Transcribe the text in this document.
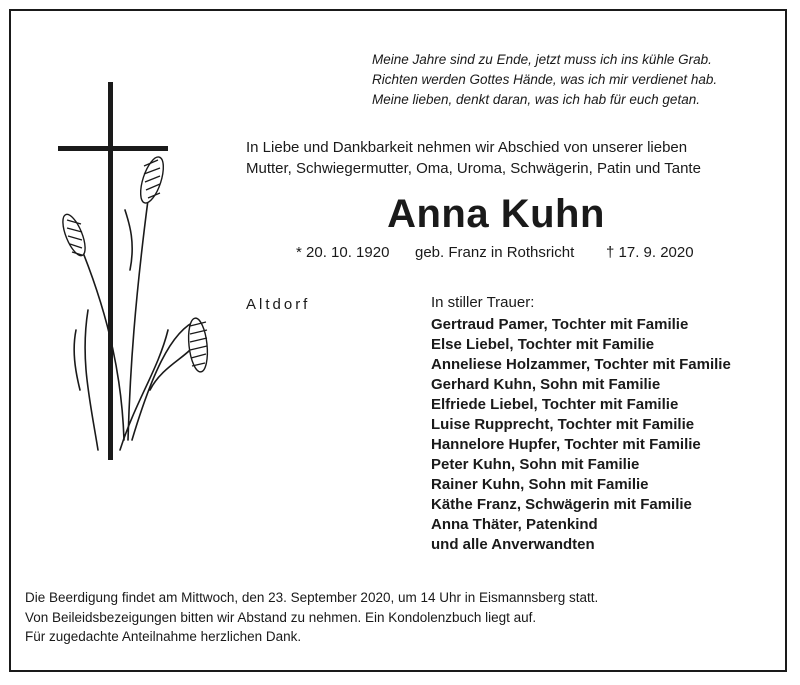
Meine Jahre sind zu Ende, jetzt muss ich ins kühle Grab.
Richten werden Gottes Hände, was ich mir verdienet hab.
Meine lieben, denkt daran, was ich hab für euch getan.
In Liebe und Dankbarkeit nehmen wir Abschied von unserer lieben
Mutter, Schwiegermutter, Oma, Uroma, Schwägerin, Patin und Tante
Anna Kuhn
* 20. 10. 1920 geb. Franz in Rothsricht † 17. 9. 2020
Altdorf	In stiller Trauer:
Gertraud Pamer, Tochter mit Familie
Else Liebel, Tochter mit Familie
Anneliese Holzammer, Tochter mit Familie
Gerhard Kuhn, Sohn mit Familie
Elfriede Liebel, Tochter mit Familie
Luise Rupprecht, Tochter mit Familie
Hannelore Hupfer, Tochter mit Familie
Peter Kuhn, Sohn mit Familie
Rainer Kuhn, Sohn mit Familie
Käthe Franz, Schwägerin mit Familie
Anna Thäter, Patenkind
und alle Anverwandten
Die Beerdigung findet am Mittwoch, den 23. September 2020, um 14 Uhr in Eismannsberg statt.
Von Beileidsbezeigungen bitten wir Abstand zu nehmen. Ein Kondolenzbuch liegt auf.
Für zugedachte Anteilnahme herzlichen Dank.
